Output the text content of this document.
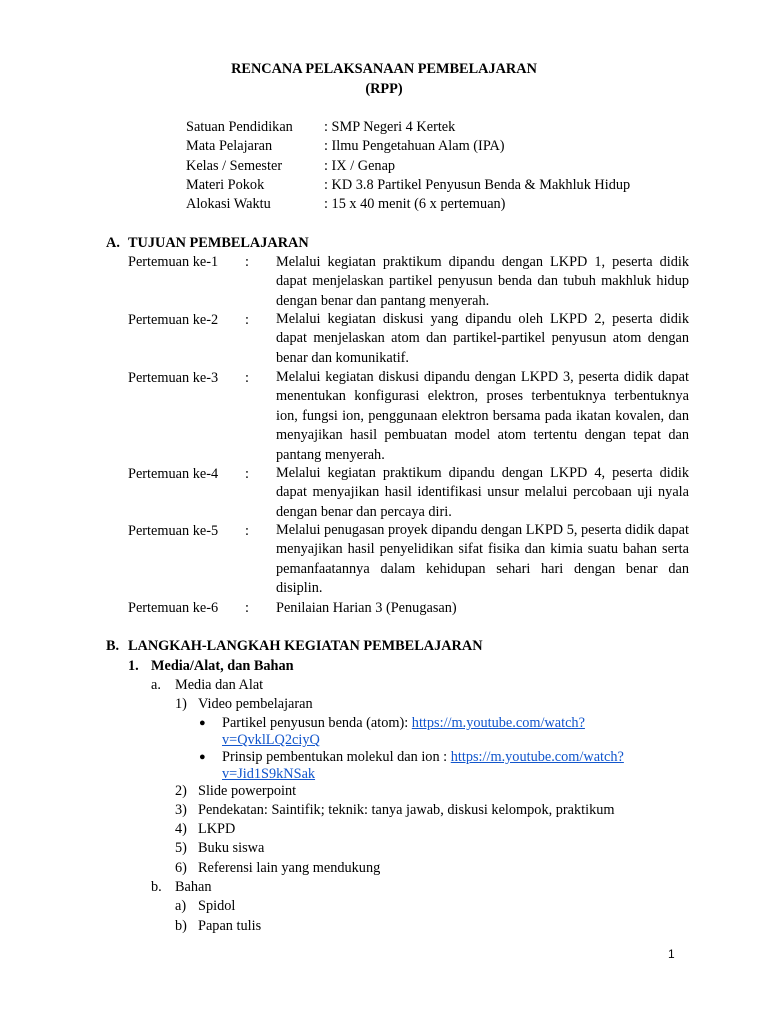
RENCANA PELAKSANAAN PEMBELAJARAN
(RPP)
Satuan Pendidikan	: SMP Negeri 4 Kertek
Mata Pelajaran	: Ilmu Pengetahuan Alam (IPA)
Kelas / Semester	: IX / Genap
Materi Pokok	: KD 3.8 Partikel Penyusun Benda & Makhluk Hidup
Alokasi Waktu	: 15 x 40 menit (6 x pertemuan)
A. TUJUAN PEMBELAJARAN
Pertemuan ke-1 : Melalui kegiatan praktikum dipandu dengan LKPD 1, peserta didik dapat menjelaskan partikel penyusun benda dan tubuh makhluk hidup dengan benar dan pantang menyerah.
Pertemuan ke-2 : Melalui kegiatan diskusi yang dipandu oleh LKPD 2, peserta didik dapat menjelaskan atom dan partikel-partikel penyusun atom dengan benar dan komunikatif.
Pertemuan ke-3 : Melalui kegiatan diskusi dipandu dengan LKPD 3, peserta didik dapat menentukan konfigurasi elektron, proses terbentuknya terbentuknya ion, fungsi ion, penggunaan elektron bersama pada ikatan kovalen, dan menyajikan hasil pembuatan model atom tertentu dengan tepat dan pantang menyerah.
Pertemuan ke-4 : Melalui kegiatan praktikum dipandu dengan LKPD 4, peserta didik dapat menyajikan hasil identifikasi unsur melalui percobaan uji nyala dengan benar dan percaya diri.
Pertemuan ke-5 : Melalui penugasan proyek dipandu dengan LKPD 5, peserta didik dapat menyajikan hasil penyelidikan sifat fisika dan kimia suatu bahan serta pemanfaatannya dalam kehidupan sehari hari dengan benar dan disiplin.
Pertemuan ke-6 : Penilaian Harian 3 (Penugasan)
B. LANGKAH-LANGKAH KEGIATAN PEMBELAJARAN
1. Media/Alat, dan Bahan
a. Media dan Alat
1) Video pembelajaran
● Partikel penyusun benda (atom): https://m.youtube.com/watch?
v=QvklLQ2ciyQ
● Prinsip pembentukan molekul dan ion : https://m.youtube.com/watch?
v=Jid1S9kNSak
2) Slide powerpoint
3) Pendekatan: Saintifik; teknik: tanya jawab, diskusi kelompok, praktikum
4) LKPD
5) Buku siswa
6) Referensi lain yang mendukung
b. Bahan
a) Spidol
b) Papan tulis
1
